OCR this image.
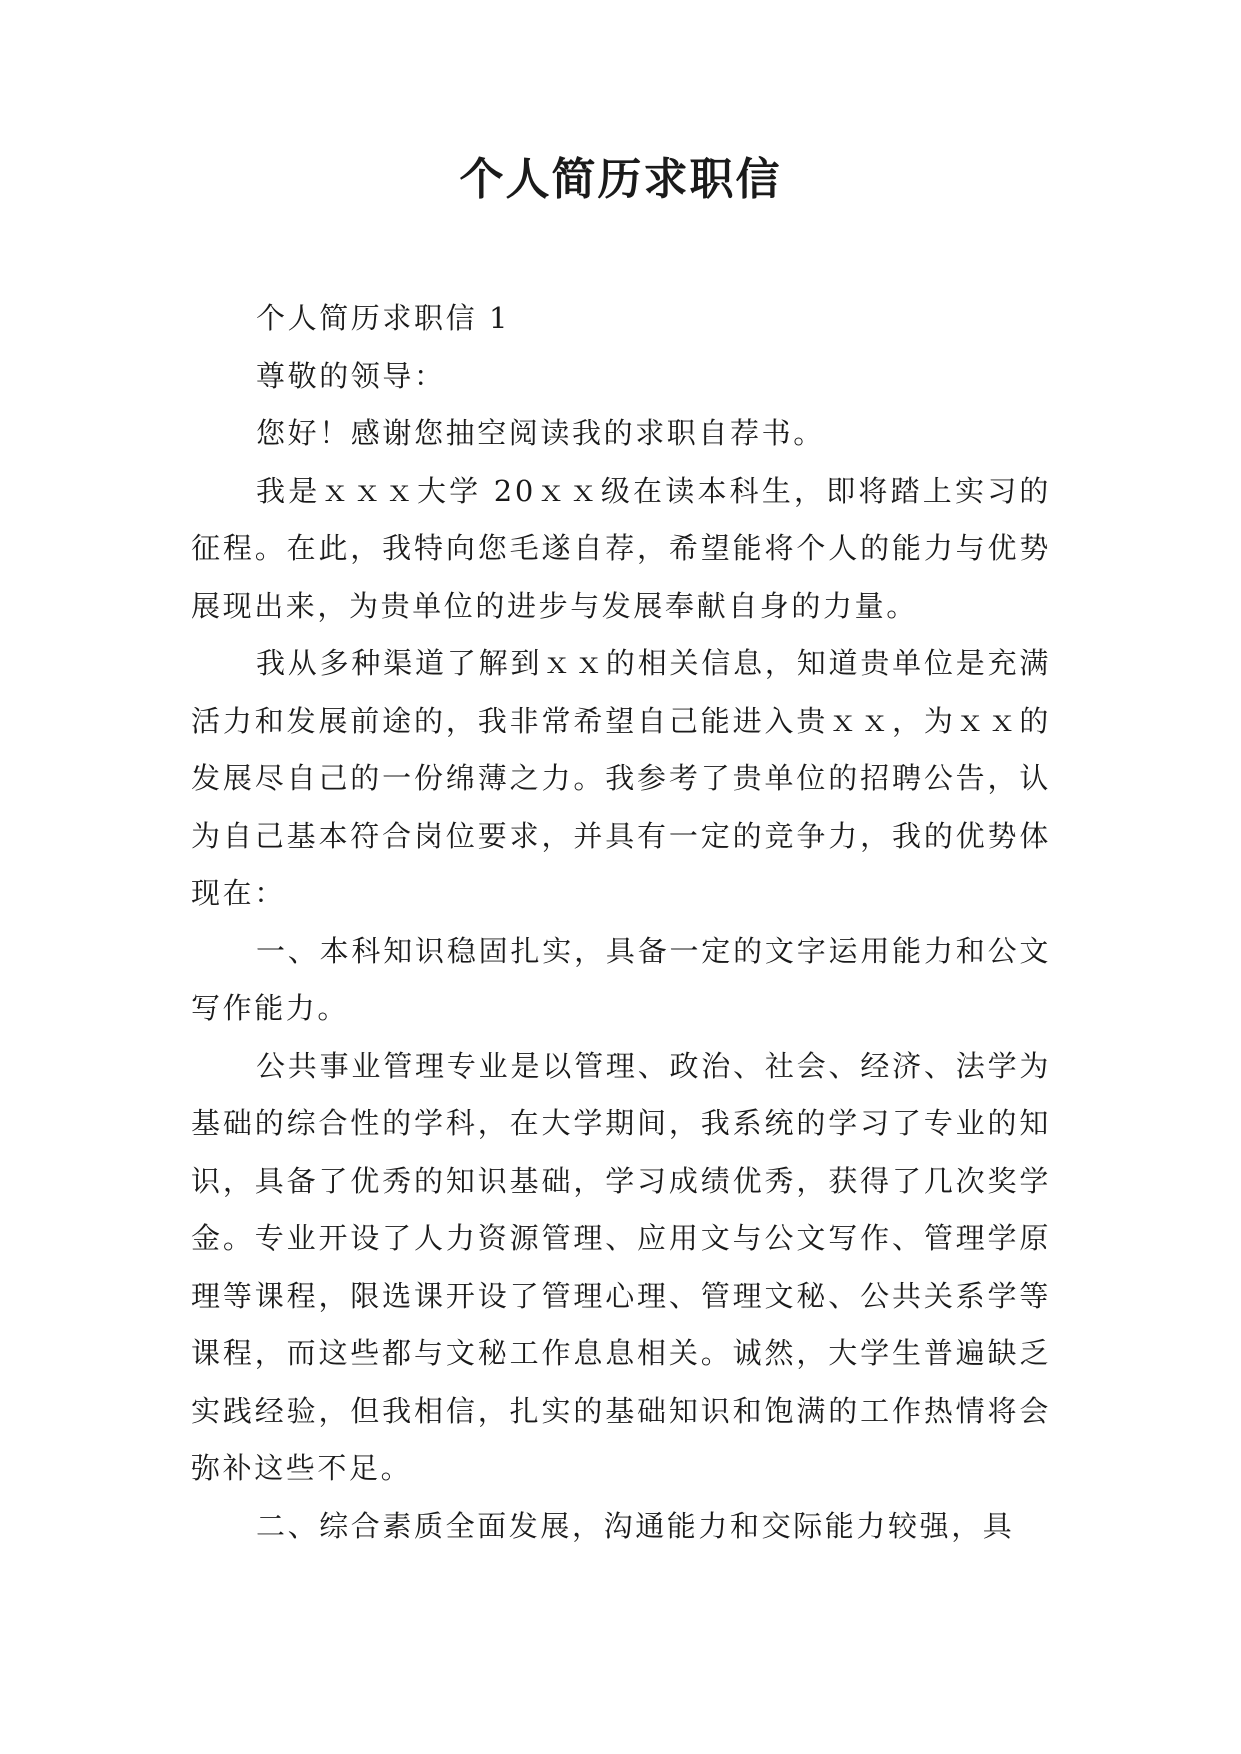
个人简历求职信

个人简历求职信 1

尊敬的领导：

您好！感谢您抽空阅读我的求职自荐书。

我是ｘｘｘ大学 20ｘｘ级在读本科生，即将踏上实习的征程。在此，我特向您毛遂自荐，希望能将个人的能力与优势展现出来，为贵单位的进步与发展奉献自身的力量。

我从多种渠道了解到ｘｘ的相关信息，知道贵单位是充满活力和发展前途的，我非常希望自己能进入贵ｘｘ，为ｘｘ的发展尽自己的一份绵薄之力。我参考了贵单位的招聘公告，认为自己基本符合岗位要求，并具有一定的竞争力，我的优势体现在：

一、本科知识稳固扎实，具备一定的文字运用能力和公文写作能力。

公共事业管理专业是以管理、政治、社会、经济、法学为基础的综合性的学科，在大学期间，我系统的学习了专业的知识，具备了优秀的知识基础，学习成绩优秀，获得了几次奖学金。专业开设了人力资源管理、应用文与公文写作、管理学原理等课程，限选课开设了管理心理、管理文秘、公共关系学等课程，而这些都与文秘工作息息相关。诚然，大学生普遍缺乏实践经验，但我相信，扎实的基础知识和饱满的工作热情将会弥补这些不足。

二、综合素质全面发展，沟通能力和交际能力较强，具
